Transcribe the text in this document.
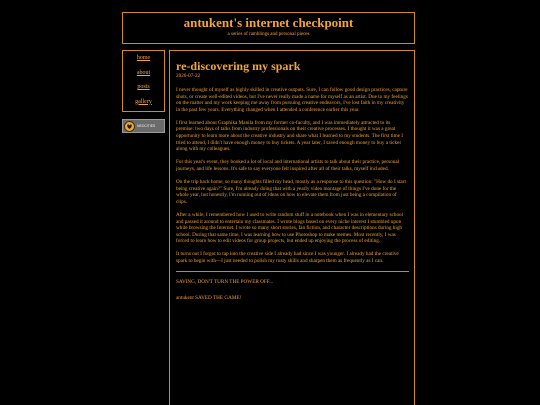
antukent's internet checkpoint
a series of ramblings and personal pieces
home
about
posts
gallery
NEOCITIES
re-discovering my spark
2026-07-22

I never thought of myself as highly skilled in creative outputs. Sure, I can follow good design practices, capture shots, or create well-edited videos, but I've never really made a name for myself as an artist. Due to my feelings on the matter and my work keeping me away from pursuing creative endeavors, I've lost faith in my creativity in the past few years. Everything changed when I attended a conference earlier this year.

I first learned about Graphika Manila from my former co-faculty, and I was immediately attracted to its premise: two days of talks from industry professionals on their creative processes. I thought it was a great opportunity to learn more about the creative industry and share what I learned to my students. The first time I tried to attend, I didn't have enough money to buy tickets. A year later, I saved enough money to buy a ticket along with my colleagues.

For this year's event, they booked a lot of local and international artists to talk about their practice, personal journeys, and life lessons. It's safe to say everyone felt inspired after all of their talks, myself included.

On the trip back home, so many thoughts filled my head, mostly as a response to this question: "How do I start being creative again?" Sure, I'm already doing that with a yearly video montage of things I've done for the whole year, but honestly, I'm running out of ideas on how to elevate them from just being a compilation of clips.

After a while, I remembered how I used to write random stuff in a notebook when I was in elementary school and passed it around to entertain my classmates. I wrote blogs based on every niche interest I stumbled upon while browsing the Internet. I wrote so many short stories, fan fiction, and character descriptions during high school. During that same time, I was learning how to use Photoshop to make memes. Most recently, I was forced to learn how to edit videos for group projects, but ended up enjoying the process of editing.

It turns out I forgot to tap into the creative side I already had since I was younger. I already had the creative spark to begin with—I just needed to polish my rusty skills and sharpen them as frequently as I can.

SAVING, DON'T TURN THE POWER OFF...
antukent SAVED THE GAME!
